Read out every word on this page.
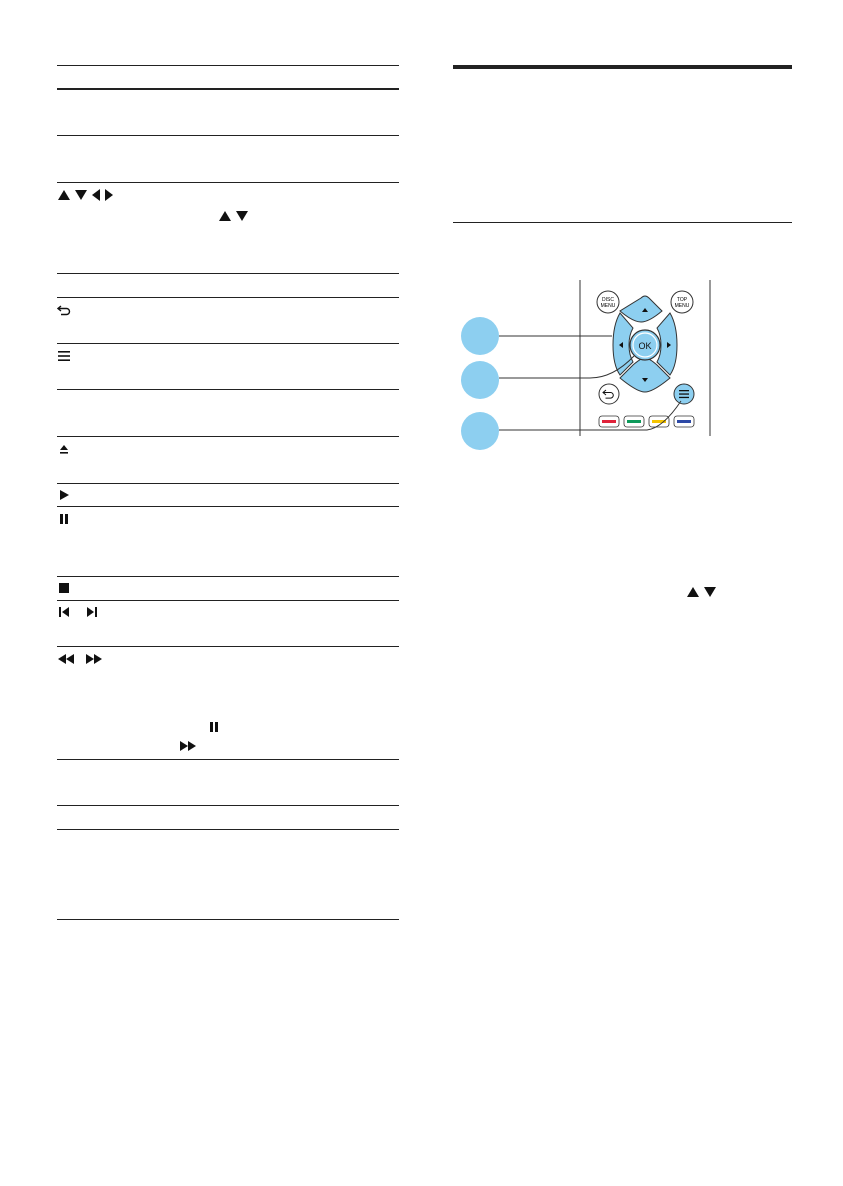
DISC
MENU
TOP
MENU
OK
